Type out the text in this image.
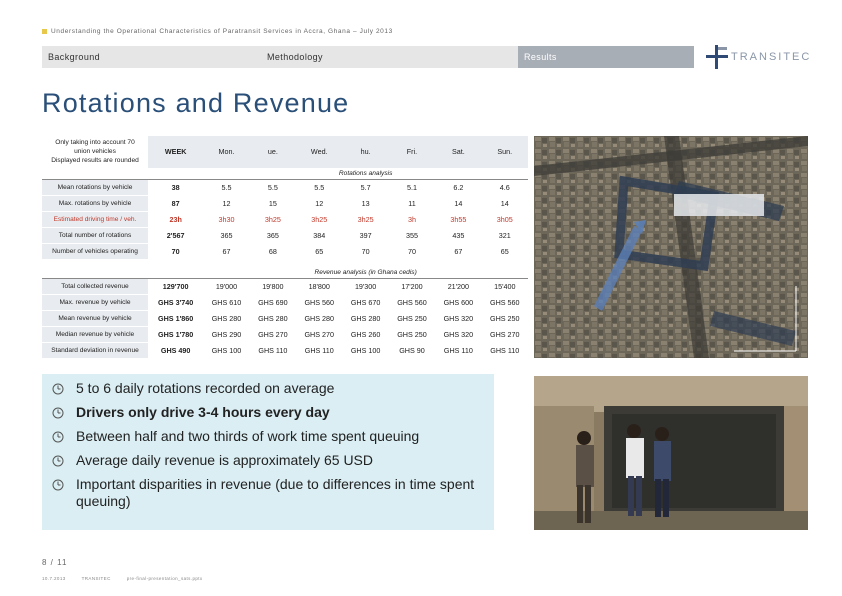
Understanding the Operational Characteristics of Paratransit Services in Accra, Ghana – July 2013
Background	Methodology	Results	TRANSITEC
Rotations and Revenue
Only taking into account 70
union vehicles
Displayed results are rounded	WEEK	Mon.	ue.	Wed.	hu.	Fri.	Sat.	Sun.
		Rotations analysis						
Mean rotations by vehicle	38	5.5	5.5	5.5	5.7	5.1	6.2	4.6
Max. rotations by vehicle	87	12	15	12	13	11	14	14
Estimated driving time / veh.	23h	3h30	3h25	3h25	3h25	3h	3h55	3h05
Total number of rotations	2'567	365	365	384	397	355	435	321
Number of vehicles operating	70	67	68	65	70	70	67	65

		Revenue analysis (in Ghana cedis)						
Total collected revenue	129'700	19'000	19'800	18'800	19'300	17'200	21'200	15'400
Max. revenue by vehicle	GHS 3'740	GHS 610	GHS 690	GHS 560	GHS 670	GHS 560	GHS 600	GHS 560
Mean revenue by vehicle	GHS 1'860	GHS 280	GHS 280	GHS 280	GHS 280	GHS 250	GHS 320	GHS 250
Median revenue by vehicle	GHS 1'780	GHS 290	GHS 270	GHS 270	GHS 260	GHS 250	GHS 320	GHS 270
Standard deviation in revenue	GHS 490	GHS 100	GHS 110	GHS 110	GHS 100	GHS 90	GHS 110	GHS 110
5 to 6 daily rotations recorded on average
Drivers only drive 3-4 hours every day
Between half and two thirds of work time spent queuing
Average daily revenue is approximately 65 USD
Important disparities in revenue (due to differences in time spent queuing)
8 / 11
10.7.2013	TRANSITEC	pre-final-presentation_sats.pptx
